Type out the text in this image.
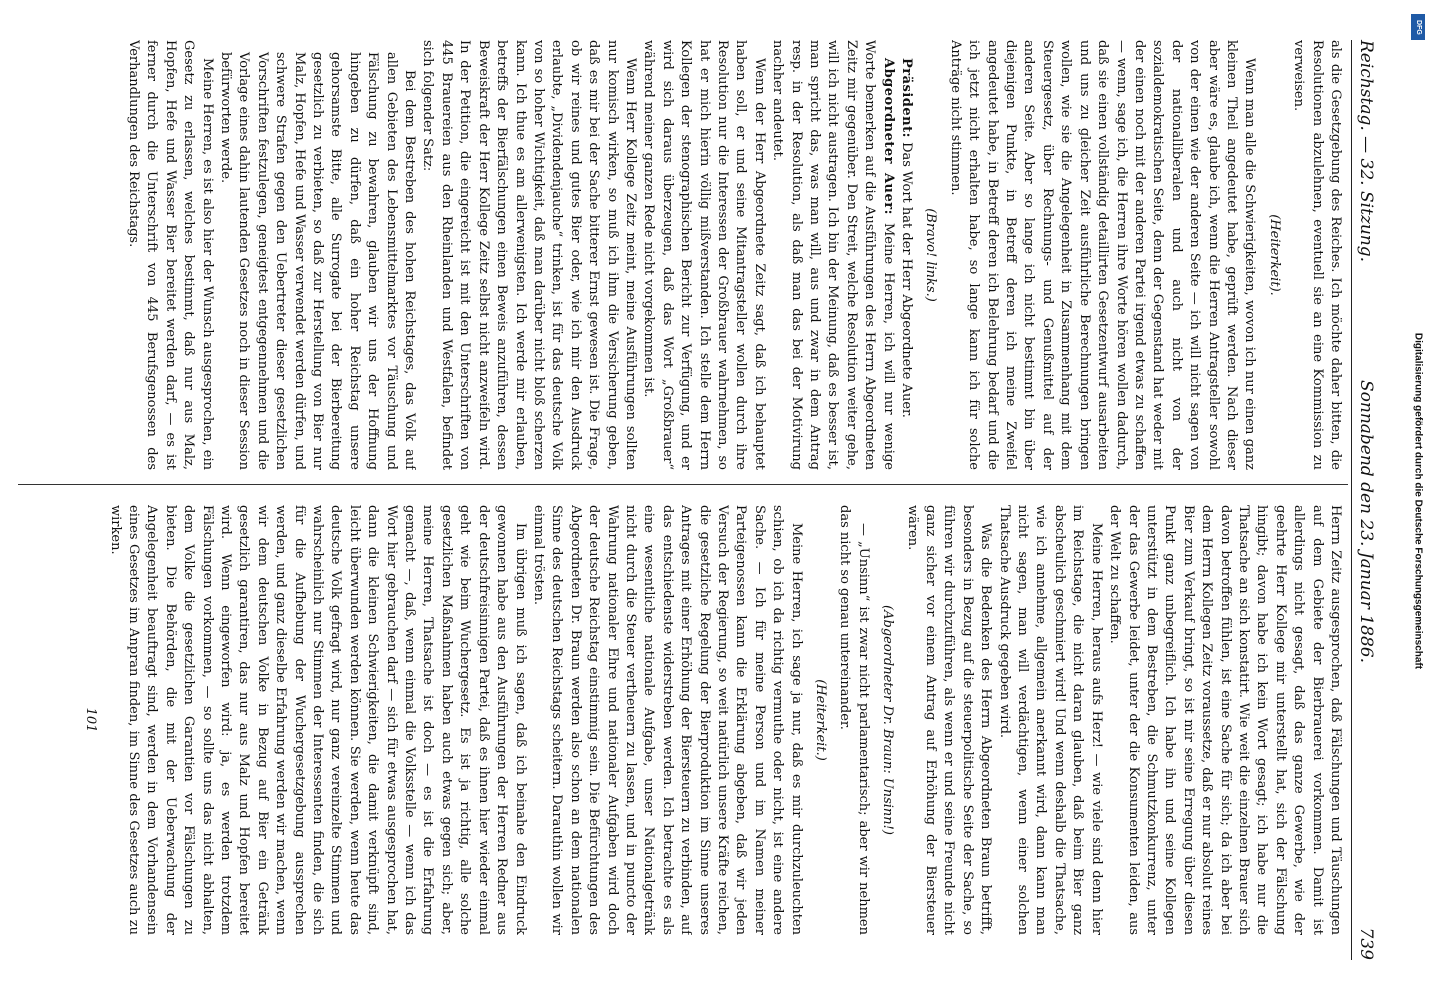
Reichstag. — 32. Sitzung.
Sonnabend den 23. Januar 1886.
739

als die Gesetzgebung des Reiches. Ich möchte daher bitten, die Resolutionen abzulehnen, eventuell sie an eine Kommission zu verweisen.

(Heiterkeit).

Wenn man alle die Schwierigkeiten, wovon ich nur einen ganz kleinen Theil angedeutet habe, geprüft werden. Nach dieser aber wäre es, glaube ich, wenn die Herren Antragsteller sowohl von der einen wie der anderen Seite — ich will nicht sagen von der nationalliberalen und auch nicht von der sozialdemokratischen Seite, denn der Gegenstand hat weder mit der einen noch mit der anderen Partei irgend etwas zu schaffen — wenn, sage ich, die Herren ihre Worte hören wollen dadurch, daß sie einen vollständig detaillirten Gesetzentwurf ausarbeiten und uns zu gleicher Zeit ausführliche Berechnungen bringen wollen, wie sie die Angelegenheit in Zusammenhang mit dem Steuergesetz, über Rechnungs- und Genußmittel auf der anderen Seite. Aber so lange ich nicht bestimmt bin über diejenigen Punkte, in Betreff deren ich meine Zweifel angedeutet habe, in Betreff deren ich Belehrung bedarf und die ich jetzt nicht erhalten habe, so lange kann ich für solche Anträge nicht stimmen.

(Bravo! links.)

Präsident: Das Wort hat der Herr Abgeordnete Auer.

Abgeordneter Auer: Meine Herren, ich will nur wenige Worte bemerken auf die Ausführungen des Herrn Abgeordneten Zeitz mir gegenüber. Den Streit, welche Resolution weiter gehe, will ich nicht austragen. Ich bin der Meinung, daß es besser ist, man spricht das, was man will, aus und zwar in dem Antrag resp. in der Resolution, als daß man das bei der Motivirung nachher andeutet.

Wenn der Herr Abgeordnete Zeitz sagt, daß ich behauptet haben soll, er und seine Mitantragsteller wollen durch ihre Resolution nur die Interessen der Großbrauer wahrnehmen, so hat er mich hierin völlig mißverstanden. Ich stelle dem Herrn Kollegen der stenographischen Bericht zur Verfügung, und er wird sich daraus überzeugen, daß das Wort „Großbrauer“ während meiner ganzen Rede nicht vorgekommen ist.

Wenn Herr Kollege Zeitz meint, meine Ausführungen sollten nur komisch wirken, so muß ich ihm die Versicherung geben, daß es mir bei der Sache bitterer Ernst gewesen ist. Die Frage, ob wir reines und gutes Bier oder, wie ich mir den Ausdruck erlaubte, „Dividendenjauche“ trinken, ist für das deutsche Volk von so hoher Wichtigkeit, daß man darüber nicht bloß scherzen kann. Ich thue es am allerwenigsten. Ich werde mir erlauben, betreffs der Bierfälschungen einen Beweis anzuführen, dessen Beweiskraft der Herr Kollege Zeitz selbst nicht anzweifeln wird. In der Petition, die eingereicht ist mit den Unterschriften von 445 Brauereien aus den Rheinlanden und Westfalen, befindet sich folgender Satz:

Bei dem Bestreben des hohen Reichstages, das Volk auf allen Gebieten des Lebensmittelmarktes vor Täuschung und Fälschung zu bewahren, glauben wir uns der Hoffnung hingeben zu dürfen, daß ein hoher Reichstag unsere gehorsamste Bitte, alle Surrogate bei der Bierbereitung gesetzlich zu verbieten, so daß zur Herstellung von Bier nur Malz, Hopfen, Hefe und Wasser verwendet werden dürfen, und schwere Strafen gegen den Uebertreter dieser gesetzlichen Vorschriften festzulegen, geneigtest entgegennehmen und die Vorlage eines dahin lautenden Gesetzes noch in dieser Session befürworten werde.

Meine Herren, es ist also hier der Wunsch ausgesprochen, ein Gesetz zu erlassen, welches bestimmt, daß nur aus Malz, Hopfen, Hefe und Wasser Bier bereitet werden darf, — es ist ferner durch die Unterschrift von 445 Berufsgenossen des Verhandlungen des Reichstags.

Herrn Zeitz ausgesprochen, daß Fälschungen und Täuschungen auf dem Gebiete der Bierbrauerei vorkommen. Damit ist allerdings nicht gesagt, daß das ganze Gewerbe, wie der geehrte Herr Kollege mir unterstellt hat, sich der Fälschung hingibt; davon habe ich kein Wort gesagt; ich habe nur die Thatsache an sich konstatirt. Wie weit die einzelnen Brauer sich davon betroffen fühlen, ist eine Sache für sich; da ich aber bei dem Herrn Kollegen Zeitz voraussetze, daß er nur absolut reines Bier zum Verkauf bringt, so ist mir seine Erregung über diesen Punkt ganz unbegreiflich. Ich habe ihn und seine Kollegen unterstützt in dem Bestreben, die Schmutzkonkurrenz, unter der das Gewerbe leidet, unter der die Konsumenten leiden, aus der Welt zu schaffen.

Meine Herren, heraus aufs Herz! — wie viele sind denn hier im Reichstage, die nicht daran glauben, daß beim Bier ganz abscheulich geschmiert wird! Und wenn deshalb die Thatsache, wie ich annehme, allgemein anerkannt wird, dann kann man nicht sagen, man will verdächtigen, wenn einer solchen Thatsache Ausdruck gegeben wird.

Was die Bedenken des Herrn Abgeordneten Braun betrifft, besonders in Bezug auf die steuerpolitische Seite der Sache, so führen wir durchzuführen, als wenn er und seine Freunde nicht ganz sicher vor einem Antrag auf Erhöhung der Biersteuer wären.

(Abgeordneter Dr. Braun: Unsinn!)

— „Unsinn“ ist zwar nicht parlamentarisch; aber wir nehmen das nicht so genau untereinander.

(Heiterkeit.)

Meine Herren, ich sage ja nur, daß es mir durchzuleuchten schien, ob ich da richtig vermuthe oder nicht, ist eine andere Sache. — Ich für meine Person und im Namen meiner Parteigenossen kann die Erklärung abgeben, daß wir jeden Versuch der Regierung, so weit natürlich unsere Kräfte reichen, die gesetzliche Regelung der Bierproduktion im Sinne unseres Antrages mit einer Erhöhung der Biersteuern zu verbinden, auf das entschiedenste widerstreben werden. Ich betrachte es als eine wesentliche nationale Aufgabe, unser Nationalgetränk nicht durch die Steuer vertheuern zu lassen, und in puncto der Wahrung nationaler Ehre und nationaler Aufgaben wird doch der deutsche Reichstag einstimmig sein. Die Befürchtungen des Abgeordneten Dr. Braun werden also schon an dem nationalen Sinne des deutschen Reichstags scheitern. Darauthin wollen wir einmal trösten.

Im übrigen muß ich sagen, daß ich beinahe den Eindruck gewonnen habe aus den Ausführungen der Herren Redner aus der deutschfreisinnigen Partei, daß es ihnen hier wieder einmal geht wie beim Wuchergesetz. Es ist ja richtig, alle solche gesetzlichen Maßnahmen haben auch etwas gegen sich; aber, meine Herren, Thatsache ist doch — es ist die Erfahrung gemacht —, daß, wenn einmal die Volksstelle — wenn ich das Wort hier gebrauchen darf — sich für etwas ausgesprochen hat, dann die kleinen Schwierigkeiten, die damit verknüpft sind, leicht überwunden werden können. Sie werden, wenn heute das deutsche Volk gefragt wird, nur ganz vereinzelte Stimmen und wahrscheinlich nur Stimmen der Interessenten finden, die sich für die Aufhebung der Wuchergesetzgebung aussprechen werden, und ganz dieselbe Erfahrung werden wir machen, wenn wir dem deutschen Volke in Bezug auf Bier ein Getränk gesetzlich garantiren, das nur aus Malz und Hopfen bereitet wird. Wenn eingeworfen wird: ja, es werden trotzdem Fälschungen vorkommen, — so sollte uns das nicht abhalten, dem Volke die gesetzlichen Garantien vor Fälschungen zu bieten. Die Behörden, die mit der Ueberwachung der Angelegenheit beauftragt sind, werden in dem Vorhandensein eines Gesetzes im Anpran finden, im Sinne des Gesetzes auch zu wirken.

101

DFG
Digitalisierung gefördert durch die Deutsche Forschungsgemeinschaft
